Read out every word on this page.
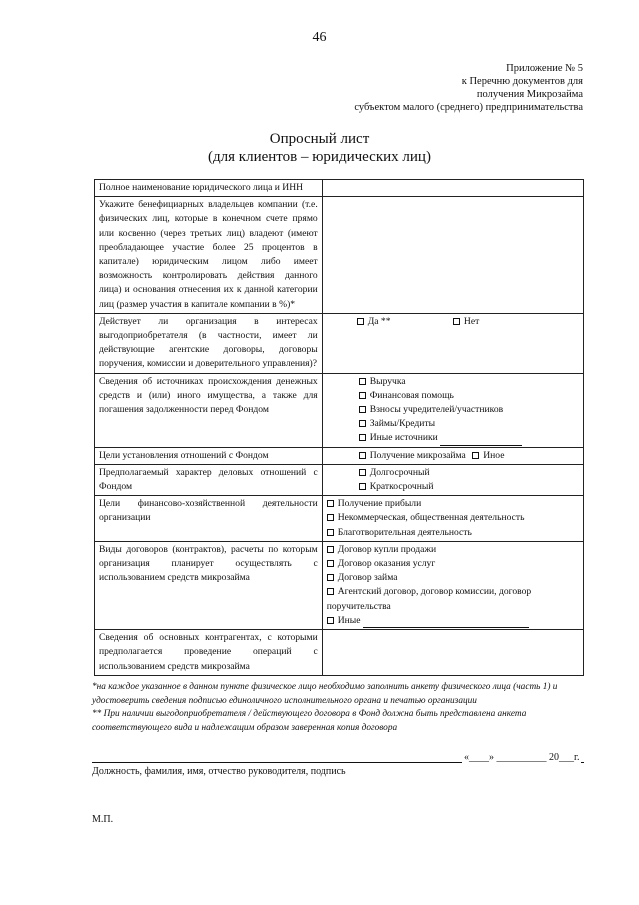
46
Приложение № 5
к Перечню документов для
получения Микрозайма
субъектом малого (среднего) предпринимательства
Опросный лист
(для клиентов – юридических лиц)
Полное наименование юридического лица и ИНН	
Укажите бенефициарных владельцев компании (т.е. физических лиц, которые в конечном счете прямо или косвенно (через третьих лиц) владеют (имеют преобладающее участие более 25 процентов в капитале) юридическим лицом либо имеет возможность контролировать действия данного лица) и основания отнесения их к данной категории лиц (размер участия в капитале компании в %)*	
Действует ли организация в интересах выгодоприобретателя (в частности, имеет ли действующие агентские договоры, договоры поручения, комиссии и доверительного управления)?	Да ** Нет
Сведения об источниках происхождения денежных средств и (или) иного имущества, а также для погашения задолженности перед Фондом	Выручка
Финансовая помощь
Взносы учредителей/участников
Займы/Кредиты
Иные источники

Цели установления отношений с Фондом	Получение микрозайма Иное
Предполагаемый характер деловых отношений с Фондом	Долгосрочный
Краткосрочный

Цели финансово-хозяйственной деятельности организации	Получение прибыли
Некоммерческая, общественная деятельность
Благотворительная деятельность

Виды договоров (контрактов), расчеты по которым организация планирует осуществлять с использованием средств микрозайма	Договор купли продажи
Договор оказания услуг
Договор займа
Агентский договор, договор комиссии, договор поручительства
Иные

Сведения об основных контрагентах, с которыми предполагается проведение операций с использованием средств микрозайма	
*на каждое указанное в данном пункте физическое лицо необходимо заполнить анкету физического лица (часть 1) и удостоверить сведения подписью единоличного исполнительного органа и печатью организации
** При наличии выгодоприобретателя / действующего договора в Фонд должна быть представлена анкета соответствующего вида и надлежащим образом заверенная копия договора
«____» __________ 20___г.
Должность, фамилия, имя, отчество руководителя, подпись
М.П.
